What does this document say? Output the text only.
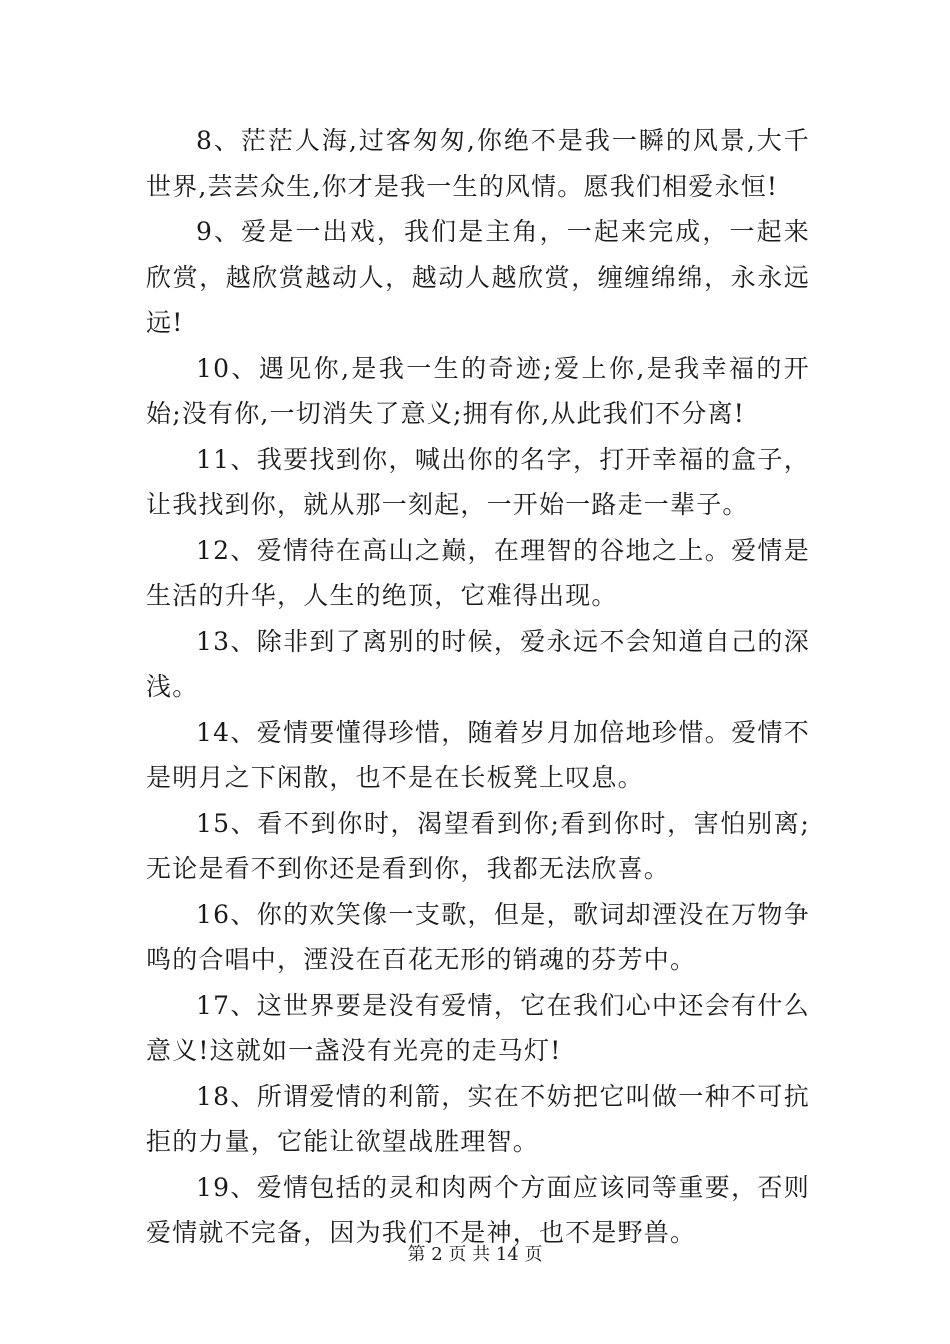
8、茫茫人海,过客匆匆,你绝不是我一瞬的风景,大千世界,芸芸众生,你才是我一生的风情。愿我们相爱永恒!

9、爱是一出戏，我们是主角，一起来完成，一起来欣赏，越欣赏越动人，越动人越欣赏，缠缠绵绵，永永远远!

10、遇见你,是我一生的奇迹;爱上你,是我幸福的开始;没有你,一切消失了意义;拥有你,从此我们不分离!

11、我要找到你，喊出你的名字，打开幸福的盒子，让我找到你，就从那一刻起，一开始一路走一辈子。

12、爱情待在高山之巅，在理智的谷地之上。爱情是生活的升华，人生的绝顶，它难得出现。

13、除非到了离别的时候，爱永远不会知道自己的深浅。

14、爱情要懂得珍惜，随着岁月加倍地珍惜。爱情不是明月之下闲散，也不是在长板凳上叹息。

15、看不到你时，渴望看到你;看到你时，害怕别离;无论是看不到你还是看到你，我都无法欣喜。

16、你的欢笑像一支歌，但是，歌词却湮没在万物争鸣的合唱中，湮没在百花无形的销魂的芬芳中。

17、这世界要是没有爱情，它在我们心中还会有什么意义!这就如一盏没有光亮的走马灯!

18、所谓爱情的利箭，实在不妨把它叫做一种不可抗拒的力量，它能让欲望战胜理智。

19、爱情包括的灵和肉两个方面应该同等重要，否则爱情就不完备，因为我们不是神，也不是野兽。

第 2 页 共 14 页
